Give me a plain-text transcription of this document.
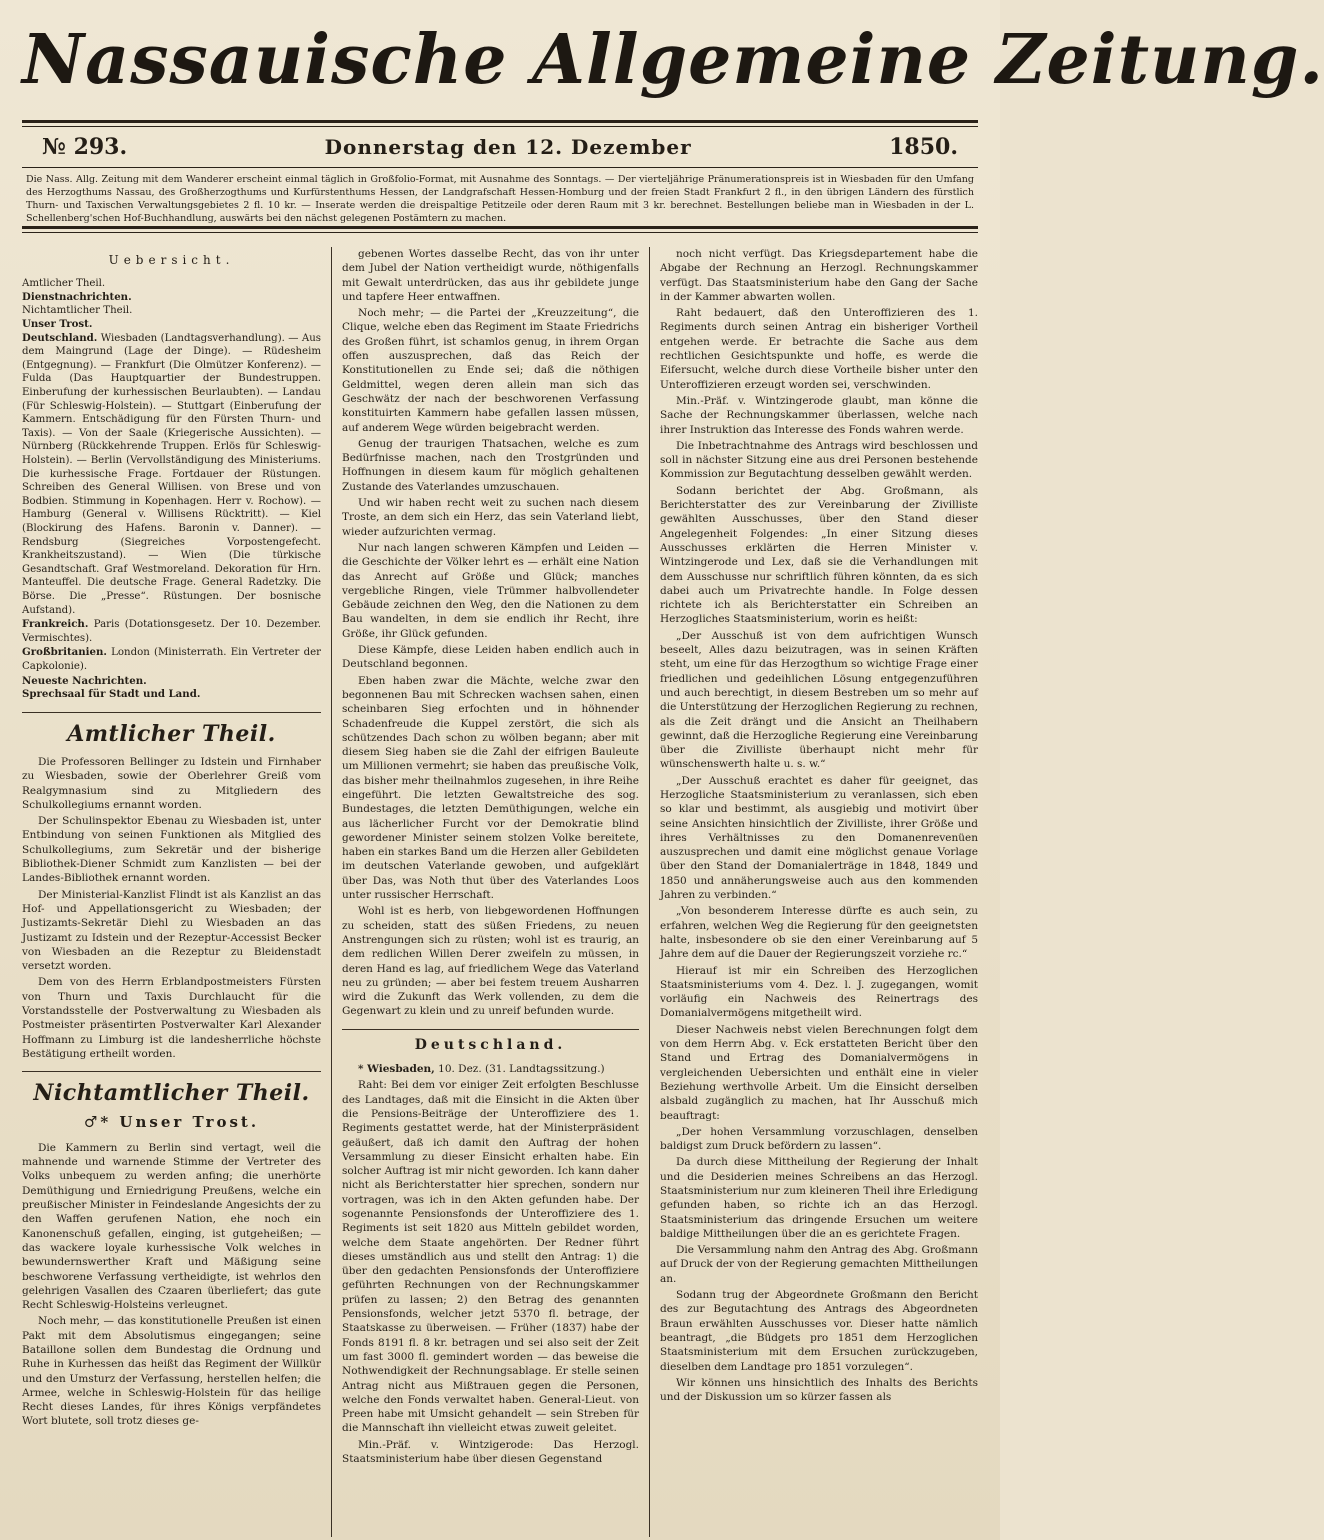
Nassauische Allgemeine Zeitung.
№ 293.	Donnerstag den 12. Dezember	1850.
Die Nass. Allg. Zeitung mit dem Wanderer erscheint einmal täglich in Großfolio-Format, mit Ausnahme des Sonntags. — Der vierteljährige Pränumerationspreis ist in Wiesbaden für den Umfang des Herzogthums Nassau, des Großherzogthums und Kurfürstenthums Hessen, der Landgrafschaft Hessen-Homburg und der freien Stadt Frankfurt 2 fl., in den übrigen Ländern des fürstlich Thurn- und Taxischen Verwaltungsgebietes 2 fl. 10 kr. — Inserate werden die dreispaltige Petitzeile oder deren Raum mit 3 kr. berechnet. Bestellungen beliebe man in Wiesbaden in der L. Schellenberg'schen Hof-Buchhandlung, auswärts bei den nächst gelegenen Postämtern zu machen.
Uebersicht.
Amtlicher Theil.
Dienstnachrichten.
Nichtamtlicher Theil.
Unser Trost.
Deutschland. Wiesbaden (Landtagsverhandlung). — Aus dem Maingrund (Lage der Dinge). — Rüdesheim (Entgegnung). — Frankfurt (Die Olmützer Konferenz). — Fulda (Das Hauptquartier der Bundestruppen. Einberufung der kurhessischen Beurlaubten). — Landau (Für Schleswig-Holstein). — Stuttgart (Einberufung der Kammern. Entschädigung für den Fürsten Thurn- und Taxis). — Von der Saale (Kriegerische Aussichten). — Nürnberg (Rückkehrende Truppen. Erlös für Schleswig-Holstein). — Berlin (Vervollständigung des Ministeriums. Die kurhessische Frage. Fortdauer der Rüstungen. Schreiben des General Willisen. von Brese und von Bodbien. Stimmung in Kopenhagen. Herr v. Rochow). — Hamburg (General v. Willisens Rücktritt). — Kiel (Blockirung des Hafens. Baronin v. Danner). — Rendsburg (Siegreiches Vorpostengefecht. Krankheitszustand). — Wien (Die türkische Gesandtschaft. Graf Westmoreland. Dekoration für Hrn. Manteuffel. Die deutsche Frage. General Radetzky. Die Börse. Die „Presse“. Rüstungen. Der bosnische Aufstand).
Frankreich. Paris (Dotationsgesetz. Der 10. Dezember. Vermischtes).
Großbritanien. London (Ministerrath. Ein Vertreter der Capkolonie).
Neueste Nachrichten.
Sprechsaal für Stadt und Land.
Amtlicher Theil.

Die Professoren Bellinger zu Idstein und Firnhaber zu Wiesbaden, sowie der Oberlehrer Greiß vom Realgymnasium sind zu Mitgliedern des Schulkollegiums ernannt worden.

Der Schulinspektor Ebenau zu Wiesbaden ist, unter Entbindung von seinen Funktionen als Mitglied des Schulkollegiums, zum Sekretär und der bisherige Bibliothek-Diener Schmidt zum Kanzlisten — bei der Landes-Bibliothek ernannt worden.

Der Ministerial-Kanzlist Flindt ist als Kanzlist an das Hof- und Appellationsgericht zu Wiesbaden; der Justizamts-Sekretär Diehl zu Wiesbaden an das Justizamt zu Idstein und der Rezeptur-Accessist Becker von Wiesbaden an die Rezeptur zu Bleidenstadt versetzt worden.

Dem von des Herrn Erblandpostmeisters Fürsten von Thurn und Taxis Durchlaucht für die Vorstandsstelle der Postverwaltung zu Wiesbaden als Postmeister präsentirten Postverwalter Karl Alexander Hoffmann zu Limburg ist die landesherrliche höchste Bestätigung ertheilt worden.

Nichtamtlicher Theil.
♂* Unser Trost.

Die Kammern zu Berlin sind vertagt, weil die mahnende und warnende Stimme der Vertreter des Volks unbequem zu werden anfing; die unerhörte Demüthigung und Erniedrigung Preußens, welche ein preußischer Minister in Feindeslande Angesichts der zu den Waffen gerufenen Nation, ehe noch ein Kanonenschuß gefallen, einging, ist gutgeheißen; — das wackere loyale kurhessische Volk welches in bewundernswerther Kraft und Mäßigung seine beschworene Verfassung vertheidigte, ist wehrlos den gelehrigen Vasallen des Czaaren überliefert; das gute Recht Schleswig-Holsteins verleugnet.

Noch mehr, — das konstitutionelle Preußen ist einen Pakt mit dem Absolutismus eingegangen; seine Bataillone sollen dem Bundestag die Ordnung und Ruhe in Kurhessen das heißt das Regiment der Willkür und den Umsturz der Verfassung, herstellen helfen; die Armee, welche in Schleswig-Holstein für das heilige Recht dieses Landes, für ihres Königs verpfändetes Wort blutete, soll trotz dieses ge-

gebenen Wortes dasselbe Recht, das von ihr unter dem Jubel der Nation vertheidigt wurde, nöthigenfalls mit Gewalt unterdrücken, das aus ihr gebildete junge und tapfere Heer entwaffnen.

Noch mehr; — die Partei der „Kreuzzeitung“, die Clique, welche eben das Regiment im Staate Friedrichs des Großen führt, ist schamlos genug, in ihrem Organ offen auszusprechen, daß das Reich der Konstitutionellen zu Ende sei; daß die nöthigen Geldmittel, wegen deren allein man sich das Geschwätz der nach der beschworenen Verfassung konstituirten Kammern habe gefallen lassen müssen, auf anderem Wege würden beigebracht werden.

Genug der traurigen Thatsachen, welche es zum Bedürfnisse machen, nach den Trostgründen und Hoffnungen in diesem kaum für möglich gehaltenen Zustande des Vaterlandes umzuschauen.

Und wir haben recht weit zu suchen nach diesem Troste, an dem sich ein Herz, das sein Vaterland liebt, wieder aufzurichten vermag.

Nur nach langen schweren Kämpfen und Leiden — die Geschichte der Völker lehrt es — erhält eine Nation das Anrecht auf Größe und Glück; manches vergebliche Ringen, viele Trümmer halbvollendeter Gebäude zeichnen den Weg, den die Nationen zu dem Bau wandelten, in dem sie endlich ihr Recht, ihre Größe, ihr Glück gefunden.

Diese Kämpfe, diese Leiden haben endlich auch in Deutschland begonnen.

Eben haben zwar die Mächte, welche zwar den begonnenen Bau mit Schrecken wachsen sahen, einen scheinbaren Sieg erfochten und in höhnender Schadenfreude die Kuppel zerstört, die sich als schützendes Dach schon zu wölben begann; aber mit diesem Sieg haben sie die Zahl der eifrigen Bauleute um Millionen vermehrt; sie haben das preußische Volk, das bisher mehr theilnahmlos zugesehen, in ihre Reihe eingeführt. Die letzten Gewaltstreiche des sog. Bundestages, die letzten Demüthigungen, welche ein aus lächerlicher Furcht vor der Demokratie blind gewordener Minister seinem stolzen Volke bereitete, haben ein starkes Band um die Herzen aller Gebildeten im deutschen Vaterlande gewoben, und aufgeklärt über Das, was Noth thut über des Vaterlandes Loos unter russischer Herrschaft.

Wohl ist es herb, von liebgewordenen Hoffnungen zu scheiden, statt des süßen Friedens, zu neuen Anstrengungen sich zu rüsten; wohl ist es traurig, an dem redlichen Willen Derer zweifeln zu müssen, in deren Hand es lag, auf friedlichem Wege das Vaterland neu zu gründen; — aber bei festem treuem Ausharren wird die Zukunft das Werk vollenden, zu dem die Gegenwart zu klein und zu unreif befunden wurde.

Deutschland.

* Wiesbaden, 10. Dez. (31. Landtagssitzung.)

Raht: Bei dem vor einiger Zeit erfolgten Beschlusse des Landtages, daß mit die Einsicht in die Akten über die Pensions-Beiträge der Unteroffiziere des 1. Regiments gestattet werde, hat der Ministerpräsident geäußert, daß ich damit den Auftrag der hohen Versammlung zu dieser Einsicht erhalten habe. Ein solcher Auftrag ist mir nicht geworden. Ich kann daher nicht als Berichterstatter hier sprechen, sondern nur vortragen, was ich in den Akten gefunden habe. Der sogenannte Pensionsfonds der Unteroffiziere des 1. Regiments ist seit 1820 aus Mitteln gebildet worden, welche dem Staate angehörten. Der Redner führt dieses umständlich aus und stellt den Antrag: 1) die über den gedachten Pensionsfonds der Unteroffiziere geführten Rechnungen von der Rechnungskammer prüfen zu lassen; 2) den Betrag des genannten Pensionsfonds, welcher jetzt 5370 fl. betrage, der Staatskasse zu überweisen. — Früher (1837) habe der Fonds 8191 fl. 8 kr. betragen und sei also seit der Zeit um fast 3000 fl. gemindert worden — das beweise die Nothwendigkeit der Rechnungsablage. Er stelle seinen Antrag nicht aus Mißtrauen gegen die Personen, welche den Fonds verwaltet haben. General-Lieut. von Preen habe mit Umsicht gehandelt — sein Streben für die Mannschaft ihn vielleicht etwas zuweit geleitet.

Min.-Präf. v. Wintzigerode: Das Herzogl. Staatsministerium habe über diesen Gegenstand

noch nicht verfügt. Das Kriegsdepartement habe die Abgabe der Rechnung an Herzogl. Rechnungskammer verfügt. Das Staatsministerium habe den Gang der Sache in der Kammer abwarten wollen.

Raht bedauert, daß den Unteroffizieren des 1. Regiments durch seinen Antrag ein bisheriger Vortheil entgehen werde. Er betrachte die Sache aus dem rechtlichen Gesichtspunkte und hoffe, es werde die Eifersucht, welche durch diese Vortheile bisher unter den Unteroffizieren erzeugt worden sei, verschwinden.

Min.-Präf. v. Wintzingerode glaubt, man könne die Sache der Rechnungskammer überlassen, welche nach ihrer Instruktion das Interesse des Fonds wahren werde.

Die Inbetrachtnahme des Antrags wird beschlossen und soll in nächster Sitzung eine aus drei Personen bestehende Kommission zur Begutachtung desselben gewählt werden.

Sodann berichtet der Abg. Großmann, als Berichterstatter des zur Vereinbarung der Zivilliste gewählten Ausschusses, über den Stand dieser Angelegenheit Folgendes: „In einer Sitzung dieses Ausschusses erklärten die Herren Minister v. Wintzingerode und Lex, daß sie die Verhandlungen mit dem Ausschusse nur schriftlich führen könnten, da es sich dabei auch um Privatrechte handle. In Folge dessen richtete ich als Berichterstatter ein Schreiben an Herzogliches Staatsministerium, worin es heißt:

„Der Ausschuß ist von dem aufrichtigen Wunsch beseelt, Alles dazu beizutragen, was in seinen Kräften steht, um eine für das Herzogthum so wichtige Frage einer friedlichen und gedeihlichen Lösung entgegenzuführen und auch berechtigt, in diesem Bestreben um so mehr auf die Unterstützung der Herzoglichen Regierung zu rechnen, als die Zeit drängt und die Ansicht an Theilhabern gewinnt, daß die Herzogliche Regierung eine Vereinbarung über die Zivilliste überhaupt nicht mehr für wünschenswerth halte u. s. w.“

„Der Ausschuß erachtet es daher für geeignet, das Herzogliche Staatsministerium zu veranlassen, sich eben so klar und bestimmt, als ausgiebig und motivirt über seine Ansichten hinsichtlich der Zivilliste, ihrer Größe und ihres Verhältnisses zu den Domanenrevenüen auszusprechen und damit eine möglichst genaue Vorlage über den Stand der Domanialerträge in 1848, 1849 und 1850 und annäherungsweise auch aus den kommenden Jahren zu verbinden.“

„Von besonderem Interesse dürfte es auch sein, zu erfahren, welchen Weg die Regierung für den geeignetsten halte, insbesondere ob sie den einer Vereinbarung auf 5 Jahre dem auf die Dauer der Regierungszeit vorziehe rc.“

Hierauf ist mir ein Schreiben des Herzoglichen Staatsministeriums vom 4. Dez. l. J. zugegangen, womit vorläufig ein Nachweis des Reinertrags des Domanialvermögens mitgetheilt wird.

Dieser Nachweis nebst vielen Berechnungen folgt dem von dem Herrn Abg. v. Eck erstatteten Bericht über den Stand und Ertrag des Domanialvermögens in vergleichenden Uebersichten und enthält eine in vieler Beziehung werthvolle Arbeit. Um die Einsicht derselben alsbald zugänglich zu machen, hat Ihr Ausschuß mich beauftragt:

„Der hohen Versammlung vorzuschlagen, denselben baldigst zum Druck befördern zu lassen“.

Da durch diese Mittheilung der Regierung der Inhalt und die Desiderien meines Schreibens an das Herzogl. Staatsministerium nur zum kleineren Theil ihre Erledigung gefunden haben, so richte ich an das Herzogl. Staatsministerium das dringende Ersuchen um weitere baldige Mittheilungen über die an es gerichtete Fragen.

Die Versammlung nahm den Antrag des Abg. Großmann auf Druck der von der Regierung gemachten Mittheilungen an.

Sodann trug der Abgeordnete Großmann den Bericht des zur Begutachtung des Antrags des Abgeordneten Braun erwählten Ausschusses vor. Dieser hatte nämlich beantragt, „die Büdgets pro 1851 dem Herzoglichen Staatsministerium mit dem Ersuchen zurückzugeben, dieselben dem Landtage pro 1851 vorzulegen“.

Wir können uns hinsichtlich des Inhalts des Berichts und der Diskussion um so kürzer fassen als
